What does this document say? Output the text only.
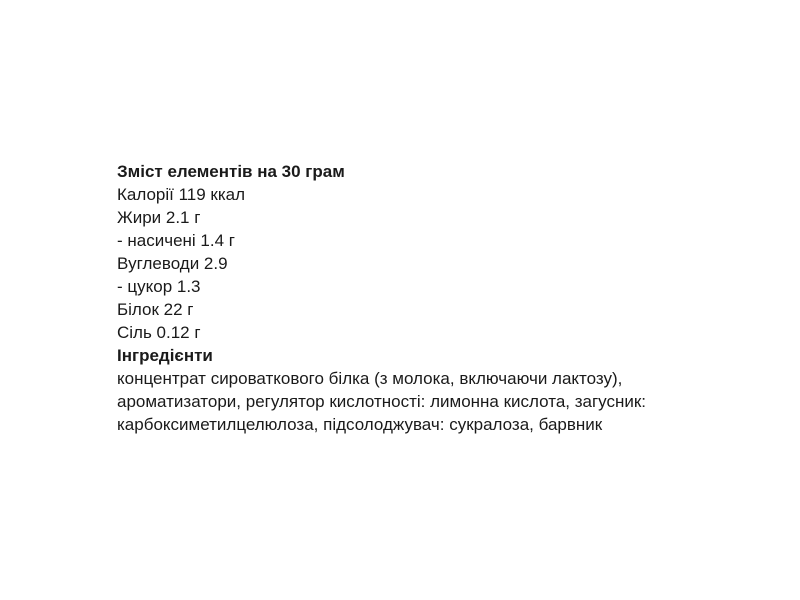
Зміст елементів на 30 грам
Калорії 119 ккал
Жири 2.1 г
- насичені 1.4 г
Вуглеводи 2.9
- цукор 1.3
Білок 22 г
Сіль 0.12 г
Інгредієнти
концентрат сироваткового білка (з молока, включаючи лактозу),
ароматизатори, регулятор кислотності: лимонна кислота, загусник:
карбоксиметилцелюлоза, підсолоджувач: сукралоза, барвник
